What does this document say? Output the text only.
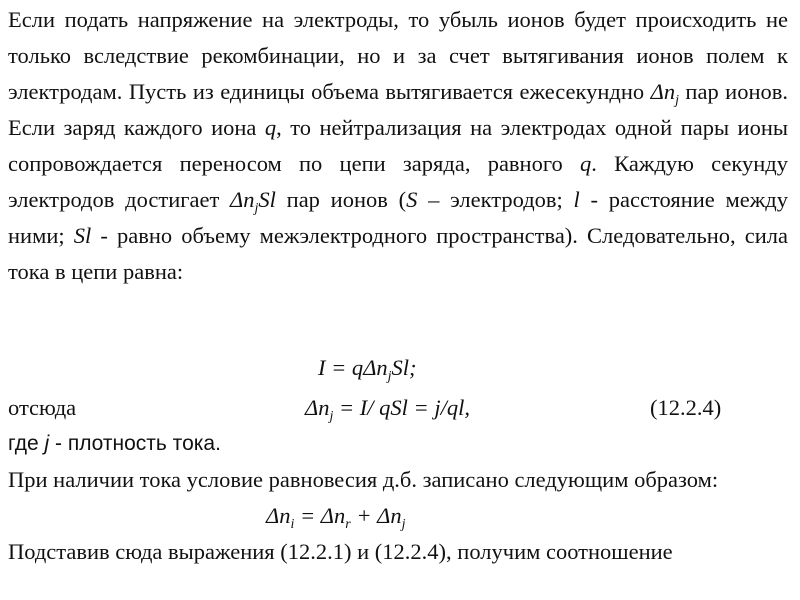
Если подать напряжение на электроды, то убыль ионов будет происходить не только вследствие рекомбинации, но и за счет вытягивания ионов полем к электродам. Пусть из единицы объема вытягивается ежесекундно $\Delta n_j$ пар ионов. Если заряд каждого иона q, то нейтрализация на электродах одной пары ионы сопровождается переносом по цепи заряда, равного q. Каждую секунду электродов достигает $\Delta n_jSl$ пар ионов (S – электродов; l - расстояние между ними; Sl - равно объему межэлектродного пространства). Следовательно, сила тока в цепи равна:
I = qΔn$_j$Sl;
отсюда	$\Delta n_j = I/$ qSl = j/ql,	(12.2.4)
где j - плотность тока.
При наличии тока условие равновесия д.б. записано следующим образом:
$\Delta n_i = \Delta n_r + \Delta n_j$
Подставив сюда выражения (12.2.1) и (12.2.4), получим соотношение
